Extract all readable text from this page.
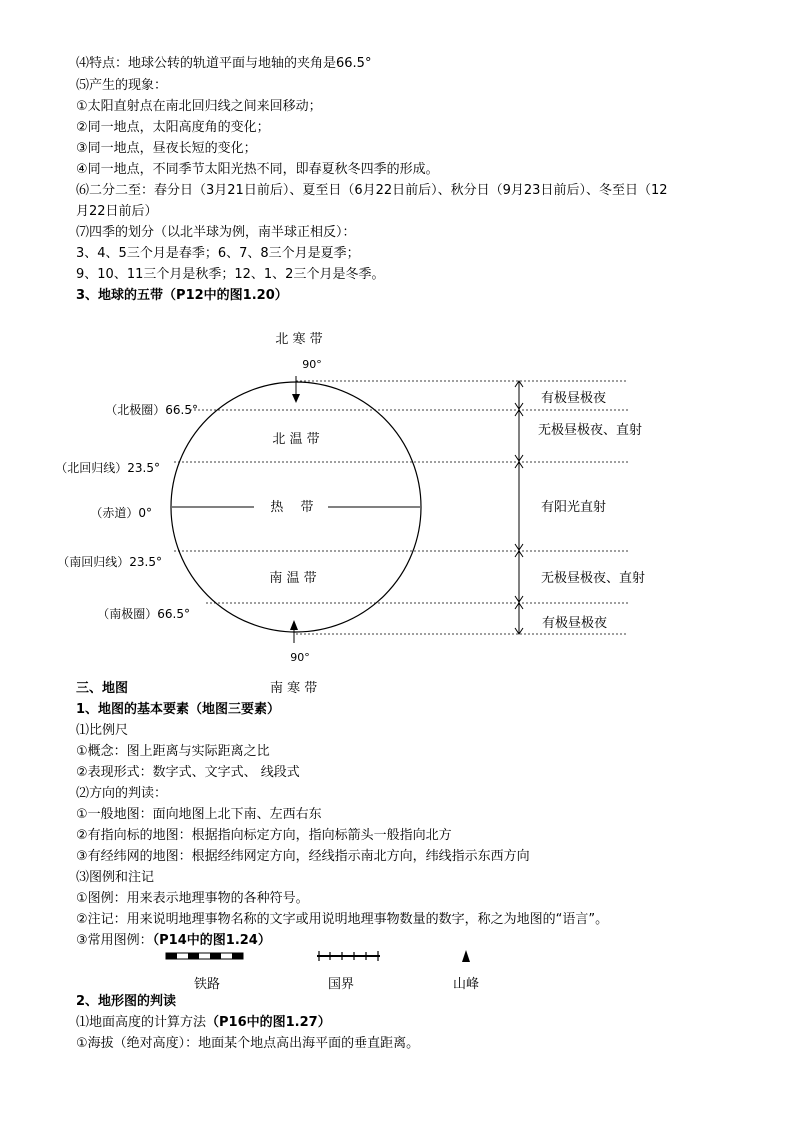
⑷特点：地球公转的轨道平面与地轴的夹角是66.5°
⑸产生的现象：
①太阳直射点在南北回归线之间来回移动；
②同一地点，太阳高度角的变化；
③同一地点，昼夜长短的变化；
④同一地点，不同季节太阳光热不同，即春夏秋冬四季的形成。
⑹二分二至：春分日（3月21日前后）、夏至日（6月22日前后）、秋分日（9月23日前后）、冬至日（12
月22日前后）
⑺四季的划分（以北半球为例，南半球正相反）：
3、4、5三个月是春季；6、7、8三个月是夏季；
9、10、11三个月是秋季；12、1、2三个月是冬季。
3、地球的五带（P12中的图1.20）
北 寒 带
90°
（北极圈）66.5°
（北回归线）23.5°
（赤道）0°
（南回归线）23.5°
（南极圈）66.5°
北 温 带
热　 带
南 温 带
90°
有极昼极夜
无极昼极夜、直射
有阳光直射
无极昼极夜、直射
有极昼极夜
三、地图	南 寒 带
1、地图的基本要素（地图三要素）
⑴比例尺
①概念：图上距离与实际距离之比
②表现形式：数字式、文字式、 线段式
⑵方向的判读：
①一般地图：面向地图上北下南、左西右东
②有指向标的地图：根据指向标定方向，指向标箭头一般指向北方
③有经纬网的地图：根据经纬网定方向，经线指示南北方向，纬线指示东西方向
⑶图例和注记
①图例：用来表示地理事物的各种符号。
②注记：用来说明地理事物名称的文字或用说明地理事物数量的数字，称之为地图的“语言”。
③常用图例：（P14中的图1.24）
铁路	国界	山峰
2、地形图的判读
⑴地面高度的计算方法（P16中的图1.27）
①海拔（绝对高度）：地面某个地点高出海平面的垂直距离。
